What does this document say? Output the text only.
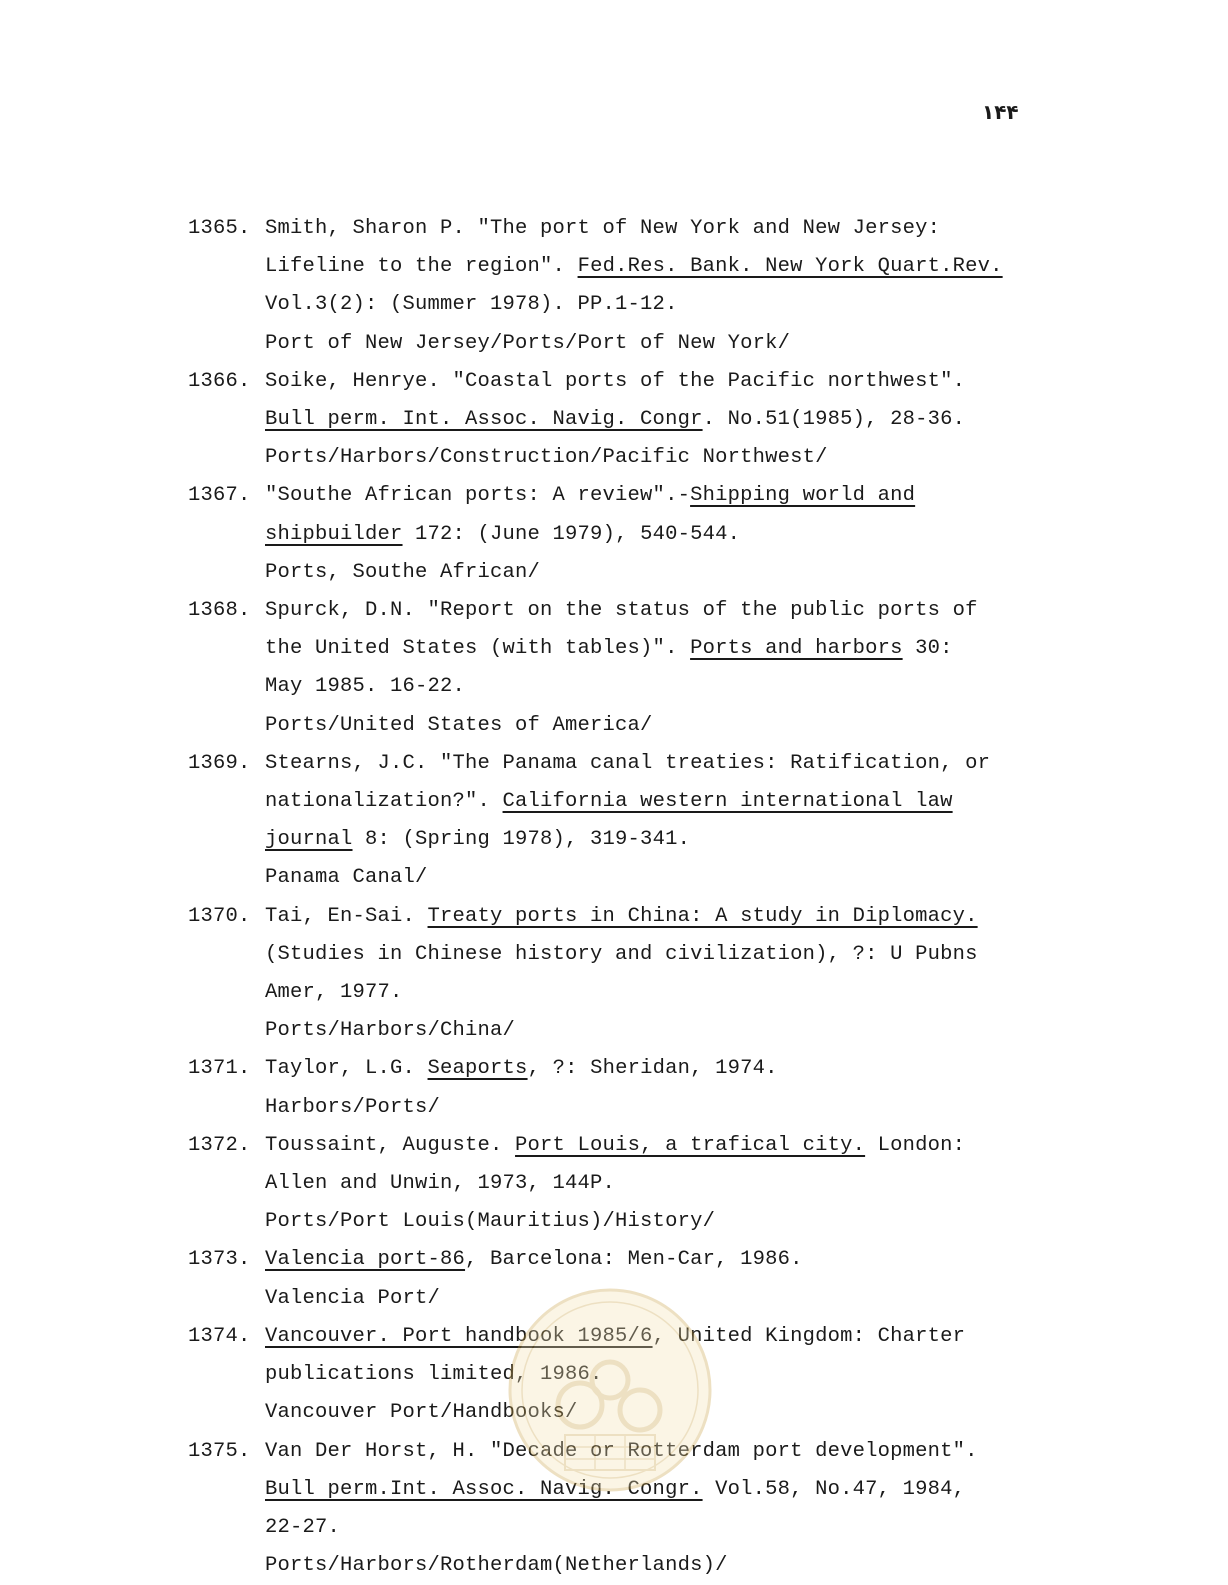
۱۴۴
1365. Smith, Sharon P. "The port of New York and New Jersey:
Lifeline to the region". Fed.Res. Bank. New York Quart.Rev.
Vol.3(2): (Summer 1978). PP.1-12.
Port of New Jersey/Ports/Port of New York/
1366. Soike, Henrye. "Coastal ports of the Pacific northwest".
Bull perm. Int. Assoc. Navig. Congr. No.51(1985), 28-36.
Ports/Harbors/Construction/Pacific Northwest/
1367. "Southe African ports: A review".-Shipping world and
shipbuilder 172: (June 1979), 540-544.
Ports, Southe African/
1368. Spurck, D.N. "Report on the status of the public ports of
the United States (with tables)". Ports and harbors 30:
May 1985. 16-22.
Ports/United States of America/
1369. Stearns, J.C. "The Panama canal treaties: Ratification, or
nationalization?". California western international law
journal 8: (Spring 1978), 319-341.
Panama Canal/
1370. Tai, En-Sai. Treaty ports in China: A study in Diplomacy.
(Studies in Chinese history and civilization), ?: U Pubns
Amer, 1977.
Ports/Harbors/China/
1371. Taylor, L.G. Seaports, ?: Sheridan, 1974.
Harbors/Ports/
1372. Toussaint, Auguste. Port Louis, a trafical city. London:
Allen and Unwin, 1973, 144P.
Ports/Port Louis(Mauritius)/History/
1373. Valencia port-86, Barcelona: Men-Car, 1986.
Valencia Port/
1374. Vancouver. Port handbook 1985/6, United Kingdom: Charter
publications limited, 1986.
Vancouver Port/Handbooks/
1375. Van Der Horst, H. "Decade or Rotterdam port development".
Bull perm.Int. Assoc. Navig. Congr. Vol.58, No.47, 1984,
22-27.
Ports/Harbors/Rotherdam(Netherlands)/
